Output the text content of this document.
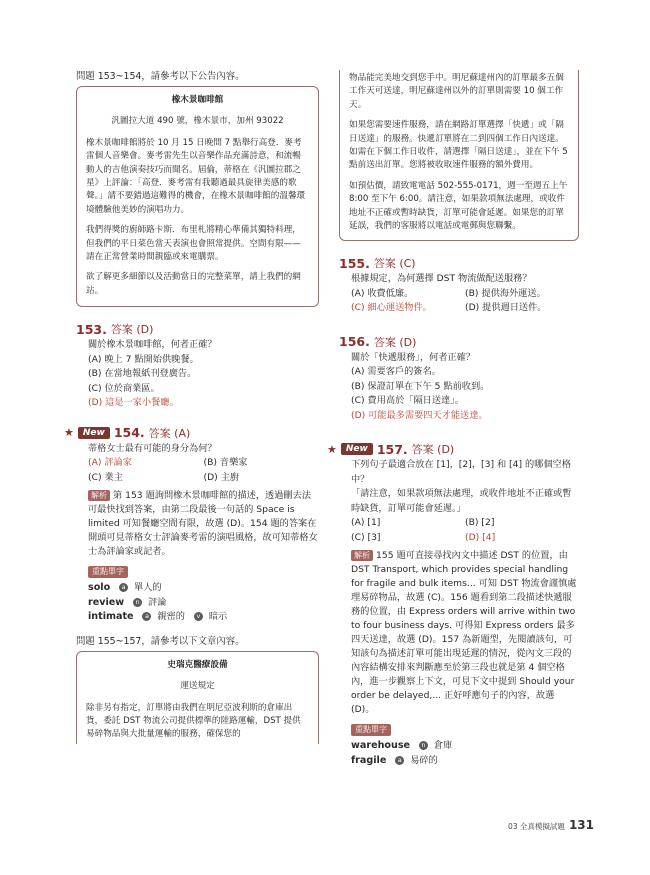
問題 153~154，請參考以下公告內容。

橡木景咖啡館

汎圖拉大道 490 號，橡木景市，加州 93022

橡木景咖啡館將於 10 月 15 日晚間 7 點舉行高登．麥考雷個人音樂會。麥考雷先生以音樂作品充滿詩意，和流暢動人的吉他演奏技巧而聞名。屆倫，蒂格在《汎圖拉郡之星》上評論：「高登．麥考雷有我聽過最具旋律美感的歌聲。」請不要錯過這難得的機會，在橡木景咖啡館的溫馨環境體驗他美妙的演唱功力。

我們得獎的廚師路卡斯．布里札將精心準備其獨特料理，但我們的平日菜色當天表演也會照常提供。空間有限——請在正常營業時間親臨或來電購票。

欲了解更多細節以及活動當日的完整菜單，請上我們的網站。

153. 答案 (D)
關於橡木景咖啡館，何者正確？
(A) 晚上 7 點開始供晚餐。
(B) 在當地報紙刊登廣告。
(C) 位於商業區。
(D) 這是一家小餐廳。
★	New 154. 答案 (A)
蒂格女士最有可能的身分為何？
(A) 評論家	(B) 音樂家
(C) 業主	(D) 主廚
解析 第 153 題詢問橡木景咖啡館的描述，透過刪去法可最快找到答案，由第二段最後一句話的 Space is limited 可知餐廳空間有限，故選 (D)。154 題的答案在開頭可見蒂格女士評論麥考雷的演唱風格，故可知蒂格女士為評論家或記者。
重點單字
solo a 單人的
review n 評論
intimate a 親密的 v 暗示
問題 155~157，請參考以下文章內容。

史瑞克醫療設備

運送規定

除非另有指定，訂單將由我們在明尼亞波利斯的倉庫出貨，委託 DST 物流公司提供標準的陸路運輸，DST 提供易碎物品與大批量運輸的服務，確保您的

物品能完美地交到您手中。明尼蘇達州內的訂單最多五個工作天可送達，明尼蘇達州以外的訂單則需要 10 個工作天。

如果您需要速件服務，請在網路訂單選擇「快遞」或「隔日送達」的服務。快遞訂單將在二到四個工作日內送達。如需在下個工作日收件，請選擇「隔日送達」，並在下午 5 點前送出訂單。您將被收取速件服務的額外費用。

如預估價，請致電電話 502-555-0171，週一至週五上午 8:00 至下午 6:00。請注意，如果款項無法處理，或收件地址不正確或暫時缺貨，訂單可能會延遲。如果您的訂單延誤，我們的客服將以電話或電郵與您聯繫。

155. 答案 (C)
根據規定，為何選擇 DST 物流做配送服務？
(A) 收費低廉。	(B) 提供海外運送。
(C) 細心運送物件。	(D) 提供週日送件。
156. 答案 (D)
關於「快遞服務」，何者正確？
(A) 需要客戶的簽名。
(B) 保證訂單在下午 5 點前收到。
(C) 費用高於「隔日送達」。
(D) 可能最多需要四天才能送達。
★	New 157. 答案 (D)
下列句子最適合放在 [1]，[2]，[3] 和 [4] 的哪個空格中？
「請注意，如果款項無法處理，或收件地址不正確或暫時缺貨，訂單可能會延遲。」
(A) [1]	(B) [2]
(C) [3]	(D) [4]
解析 155 題可直接尋找內文中描述 DST 的位置，由 DST Transport, which provides special handling for fragile and bulk items... 可知 DST 物流會謹慎處理易碎物品，故選 (C)。156 題看到第二段描述快遞服務的位置，由 Express orders will arrive within two to four business days. 可得知 Express orders 最多四天送達，故選 (D)。157 為新題型，先閱讀該句，可知該句為描述訂單可能出現延遲的情況，從內文三段的內容結構安排來判斷應至於第三段也就是第 4 個空格內，進一步觀察上下文，可見下文中提到 Should your order be delayed,... 正好呼應句子的內容，故選 (D)。
重點單字
warehouse n 倉庫
fragile a 易碎的
03 全真模擬試題 131
